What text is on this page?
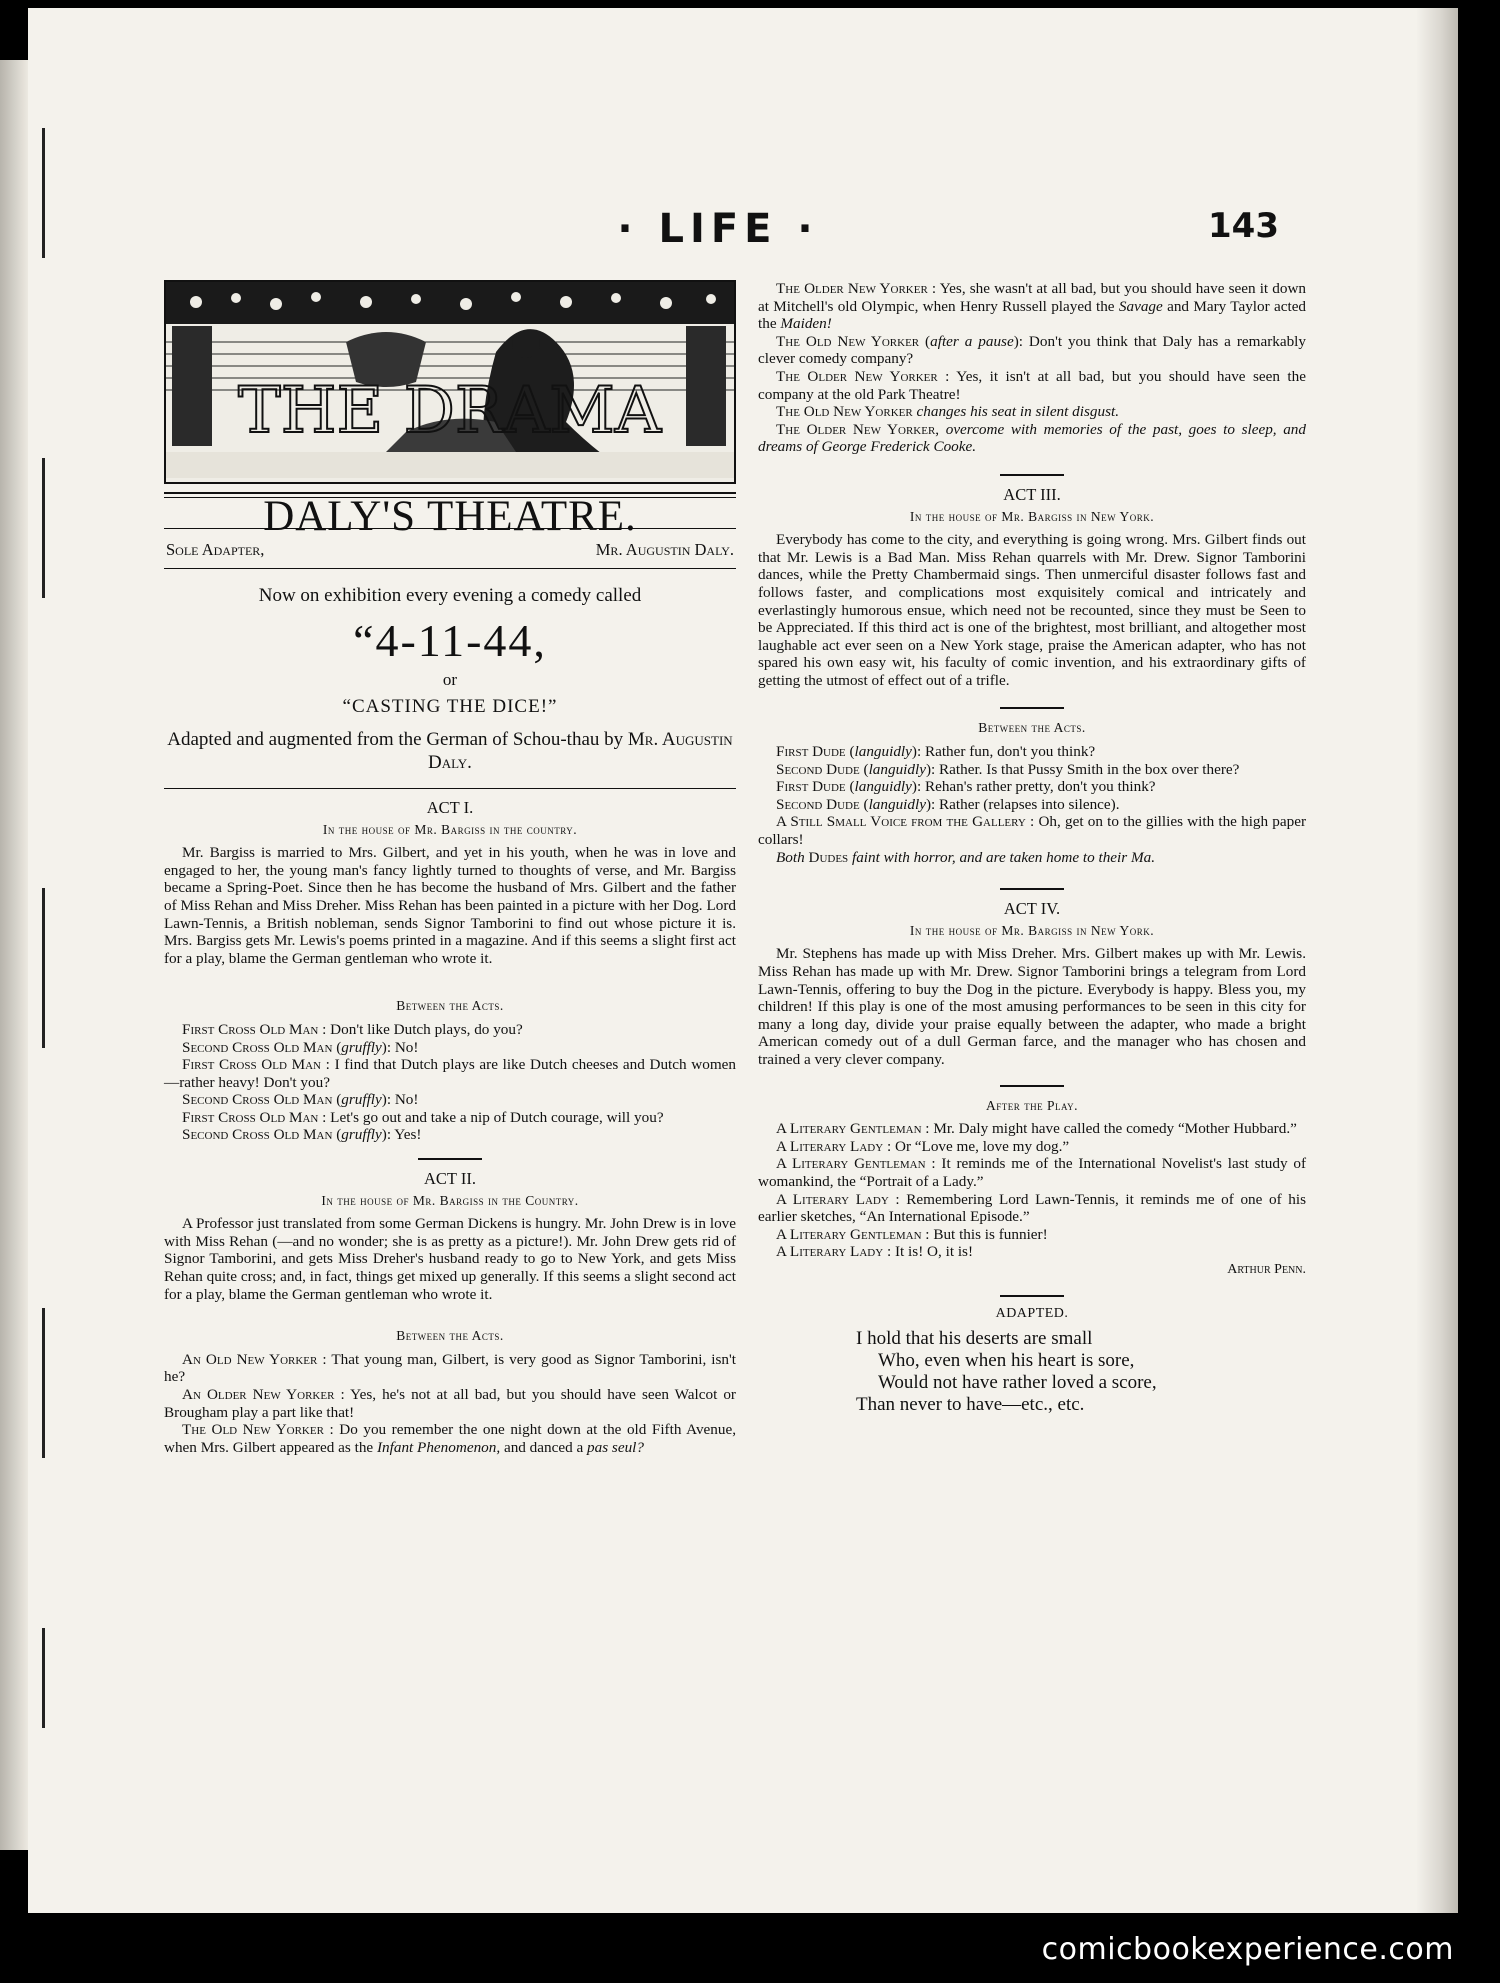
· LIFE ·	143
THE DRAMA
DALY'S THEATRE.
Sole Adapter,	Mr. Augustin Daly.
Now on exhibition every evening a comedy called
“4-11-44,
or
“CASTING THE DICE!”
Adapted and augmented from the German of Schou-thau by Mr. Augustin Daly.
ACT I.
In the house of Mr. Bargiss in the country.

Mr. Bargiss is married to Mrs. Gilbert, and yet in his youth, when he was in love and engaged to her, the young man's fancy lightly turned to thoughts of verse, and Mr. Bargiss became a Spring-Poet. Since then he has become the husband of Mrs. Gilbert and the father of Miss Rehan and Miss Dreher. Miss Rehan has been painted in a picture with her Dog. Lord Lawn-Tennis, a British nobleman, sends Signor Tamborini to find out whose picture it is. Mrs. Bargiss gets Mr. Lewis's poems printed in a magazine. And if this seems a slight first act for a play, blame the German gentleman who wrote it.

Between the Acts.

First Cross Old Man : Don't like Dutch plays, do you?

Second Cross Old Man (gruffly): No!

First Cross Old Man : I find that Dutch plays are like Dutch cheeses and Dutch women—rather heavy! Don't you?

Second Cross Old Man (gruffly): No!

First Cross Old Man : Let's go out and take a nip of Dutch courage, will you?

Second Cross Old Man (gruffly): Yes!

ACT II.
In the house of Mr. Bargiss in the Country.

A Professor just translated from some German Dickens is hungry. Mr. John Drew is in love with Miss Rehan (—and no wonder; she is as pretty as a picture!). Mr. John Drew gets rid of Signor Tamborini, and gets Miss Dreher's husband ready to go to New York, and gets Miss Rehan quite cross; and, in fact, things get mixed up generally. If this seems a slight second act for a play, blame the German gentleman who wrote it.

Between the Acts.

An Old New Yorker : That young man, Gilbert, is very good as Signor Tamborini, isn't he?

An Older New Yorker : Yes, he's not at all bad, but you should have seen Walcot or Brougham play a part like that!

The Old New Yorker : Do you remember the one night down at the old Fifth Avenue, when Mrs. Gilbert appeared as the Infant Phenomenon, and danced a pas seul?

The Older New Yorker : Yes, she wasn't at all bad, but you should have seen it down at Mitchell's old Olympic, when Henry Russell played the Savage and Mary Taylor acted the Maiden!

The Old New Yorker (after a pause): Don't you think that Daly has a remarkably clever comedy company?

The Older New Yorker : Yes, it isn't at all bad, but you should have seen the company at the old Park Theatre!

The Old New Yorker changes his seat in silent disgust.

The Older New Yorker, overcome with memories of the past, goes to sleep, and dreams of George Frederick Cooke.

ACT III.
In the house of Mr. Bargiss in New York.

Everybody has come to the city, and everything is going wrong. Mrs. Gilbert finds out that Mr. Lewis is a Bad Man. Miss Rehan quarrels with Mr. Drew. Signor Tamborini dances, while the Pretty Chambermaid sings. Then unmerciful disaster follows fast and follows faster, and complications most exquisitely comical and intricately and everlastingly humorous ensue, which need not be recounted, since they must be Seen to be Appreciated. If this third act is one of the brightest, most brilliant, and altogether most laughable act ever seen on a New York stage, praise the American adapter, who has not spared his own easy wit, his faculty of comic invention, and his extraordinary gifts of getting the utmost of effect out of a trifle.

Between the Acts.

First Dude (languidly): Rather fun, don't you think?

Second Dude (languidly): Rather. Is that Pussy Smith in the box over there?

First Dude (languidly): Rehan's rather pretty, don't you think?

Second Dude (languidly): Rather (relapses into silence).

A Still Small Voice from the Gallery : Oh, get on to the gillies with the high paper collars!

Both Dudes faint with horror, and are taken home to their Ma.

ACT IV.
In the house of Mr. Bargiss in New York.

Mr. Stephens has made up with Miss Dreher. Mrs. Gilbert makes up with Mr. Lewis. Miss Rehan has made up with Mr. Drew. Signor Tamborini brings a telegram from Lord Lawn-Tennis, offering to buy the Dog in the picture. Everybody is happy. Bless you, my children! If this play is one of the most amusing performances to be seen in this city for many a long day, divide your praise equally between the adapter, who made a bright American comedy out of a dull German farce, and the manager who has chosen and trained a very clever company.

After the Play.

A Literary Gentleman : Mr. Daly might have called the comedy “Mother Hubbard.”

A Literary Lady : Or “Love me, love my dog.”

A Literary Gentleman : It reminds me of the International Novelist's last study of womankind, the “Portrait of a Lady.”

A Literary Lady : Remembering Lord Lawn-Tennis, it reminds me of one of his earlier sketches, “An International Episode.”

A Literary Gentleman : But this is funnier!

A Literary Lady : It is! O, it is!

Arthur Penn.
ADAPTED.
I hold that his deserts are small
Who, even when his heart is sore,
Would not have rather loved a score,
Than never to have—etc., etc.
comicbookexperience.com
